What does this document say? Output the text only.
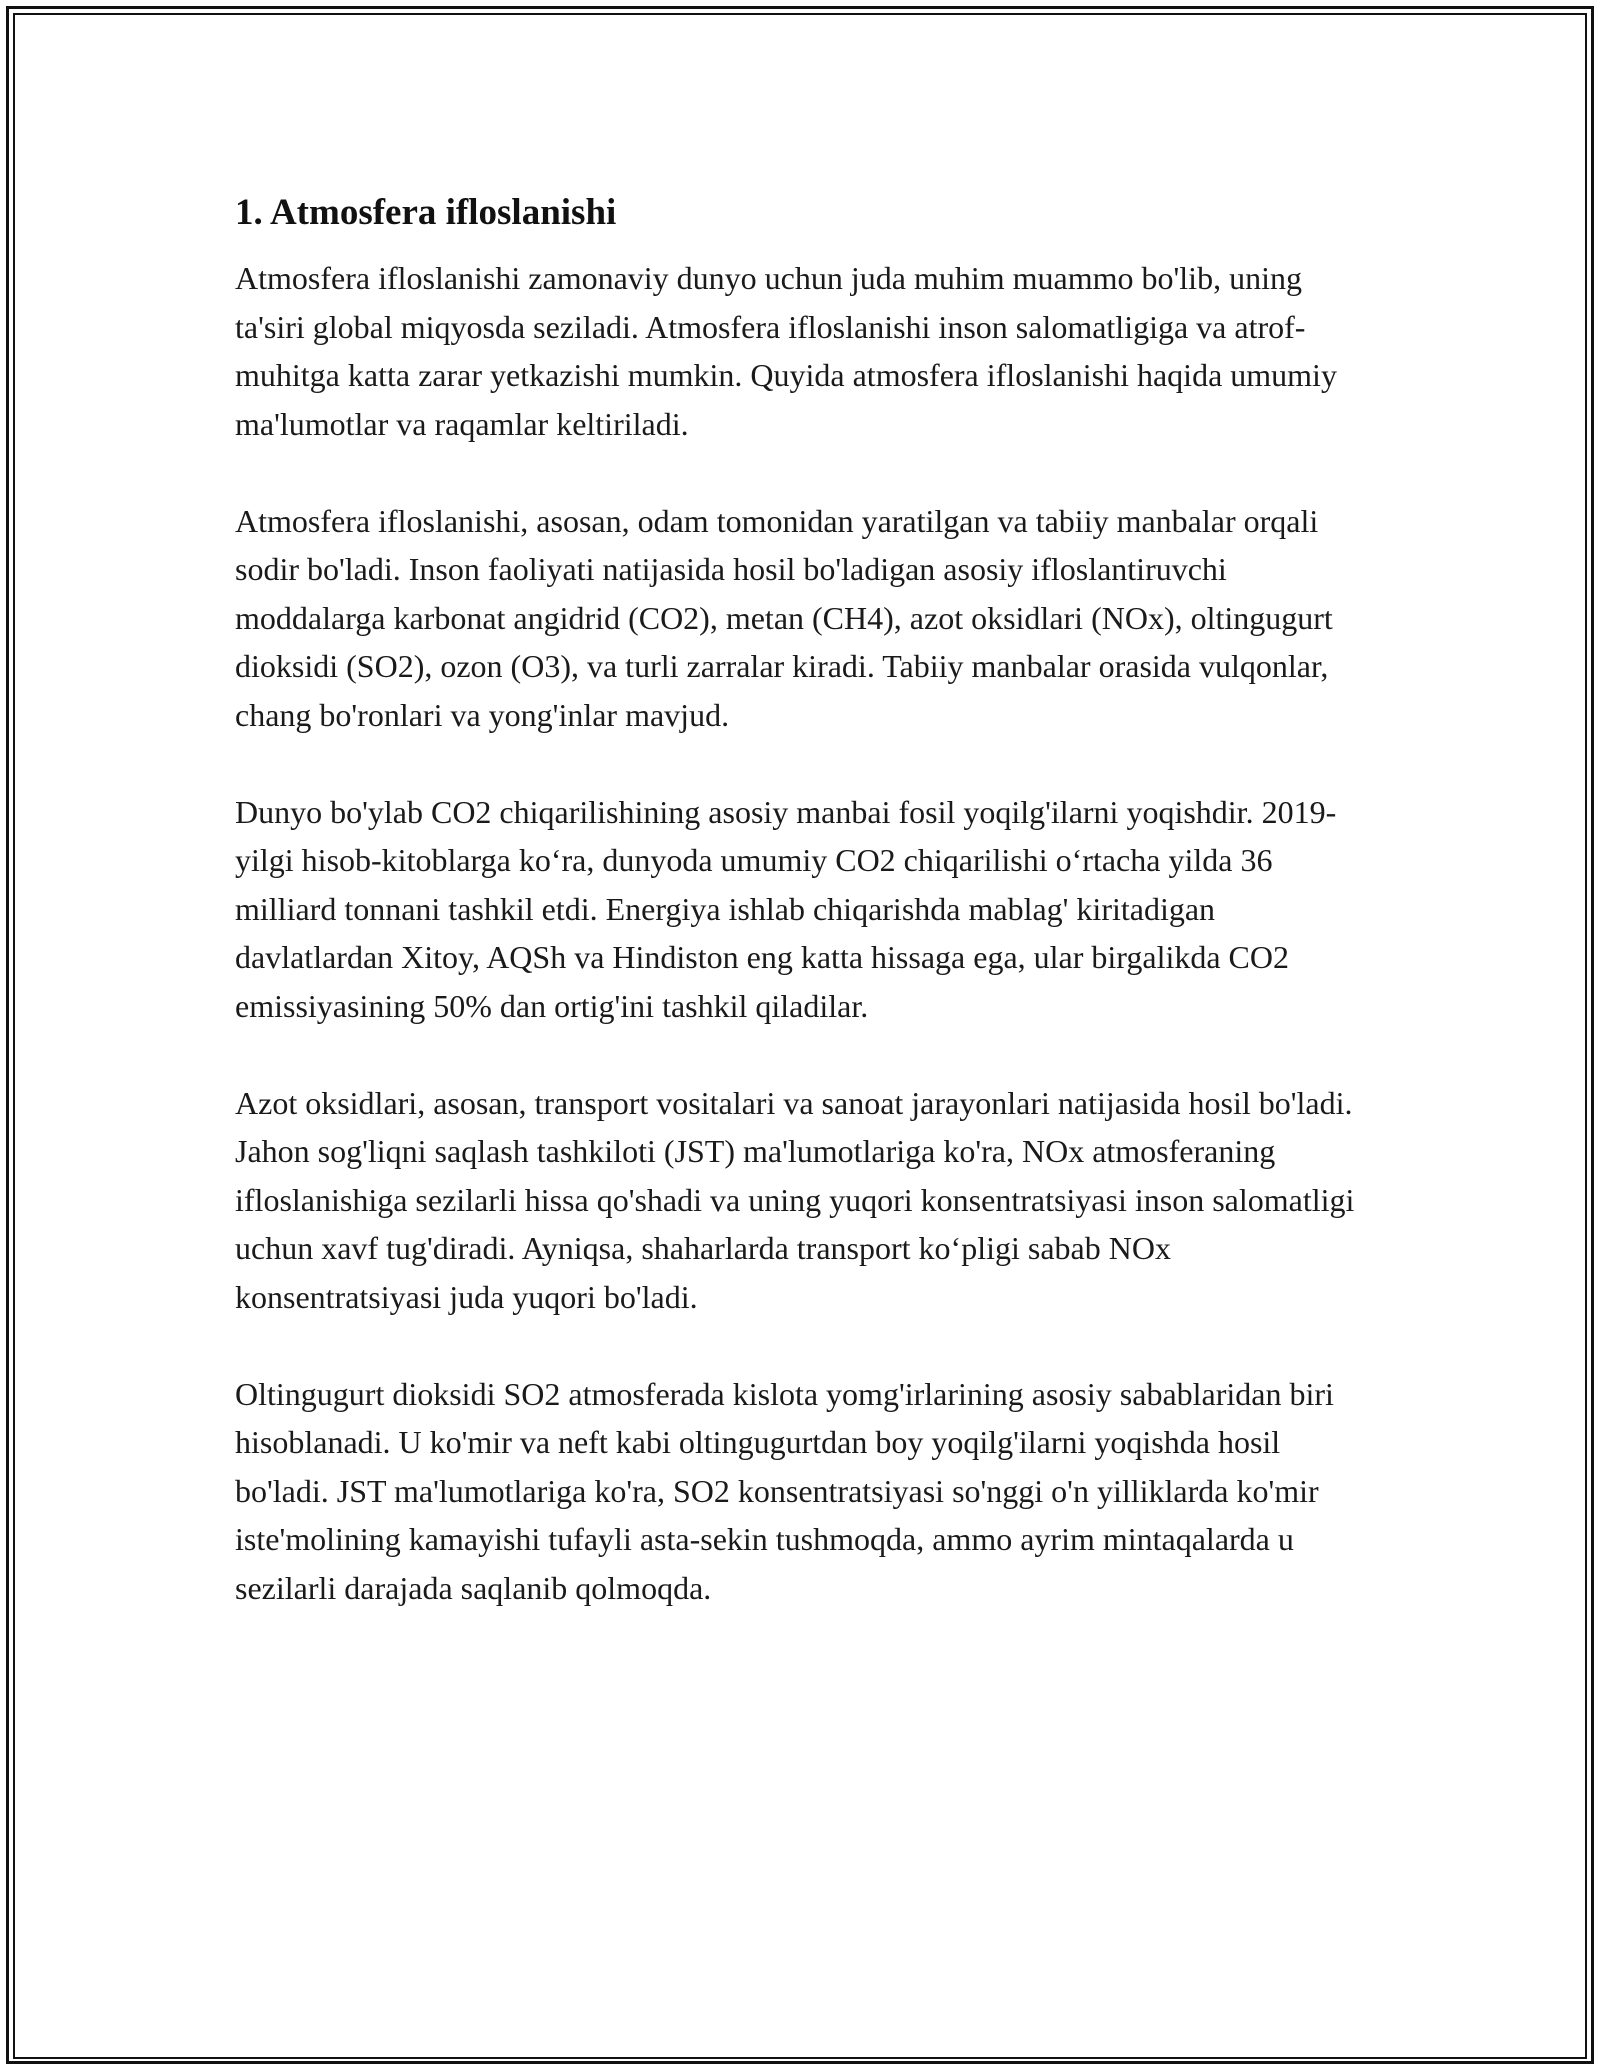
1. Atmosfera ifloslanishi

Atmosfera ifloslanishi zamonaviy dunyo uchun juda muhim muammo bo'lib, uning ta'siri global miqyosda seziladi. Atmosfera ifloslanishi inson salomatligiga va atrof-muhitga katta zarar yetkazishi mumkin. Quyida atmosfera ifloslanishi haqida umumiy ma'lumotlar va raqamlar keltiriladi.

Atmosfera ifloslanishi, asosan, odam tomonidan yaratilgan va tabiiy manbalar orqali sodir bo'ladi. Inson faoliyati natijasida hosil bo'ladigan asosiy ifloslantiruvchi moddalarga karbonat angidrid (CO2), metan (CH4), azot oksidlari (NOx), oltingugurt dioksidi (SO2), ozon (O3), va turli zarralar kiradi. Tabiiy manbalar orasida vulqonlar, chang bo'ronlari va yong'inlar mavjud.

Dunyo bo'ylab CO2 chiqarilishining asosiy manbai fosil yoqilg'ilarni yoqishdir. 2019-yilgi hisob-kitoblarga ko‘ra, dunyoda umumiy CO2 chiqarilishi o‘rtacha yilda 36 milliard tonnani tashkil etdi. Energiya ishlab chiqarishda mablag' kiritadigan davlatlardan Xitoy, AQSh va Hindiston eng katta hissaga ega, ular birgalikda CO2 emissiyasining 50% dan ortig'ini tashkil qiladilar.

Azot oksidlari, asosan, transport vositalari va sanoat jarayonlari natijasida hosil bo'ladi. Jahon sog'liqni saqlash tashkiloti (JST) ma'lumotlariga ko'ra, NOx atmosferaning ifloslanishiga sezilarli hissa qo'shadi va uning yuqori konsentratsiyasi inson salomatligi uchun xavf tug'diradi. Ayniqsa, shaharlarda transport ko‘pligi sabab NOx konsentratsiyasi juda yuqori bo'ladi.

Oltingugurt dioksidi SO2 atmosferada kislota yomg'irlarining asosiy sabablaridan biri hisoblanadi. U ko'mir va neft kabi oltingugurtdan boy yoqilg'ilarni yoqishda hosil bo'ladi. JST ma'lumotlariga ko'ra, SO2 konsentratsiyasi so'nggi o'n yilliklarda ko'mir iste'molining kamayishi tufayli asta-sekin tushmoqda, ammo ayrim mintaqalarda u sezilarli darajada saqlanib qolmoqda.
